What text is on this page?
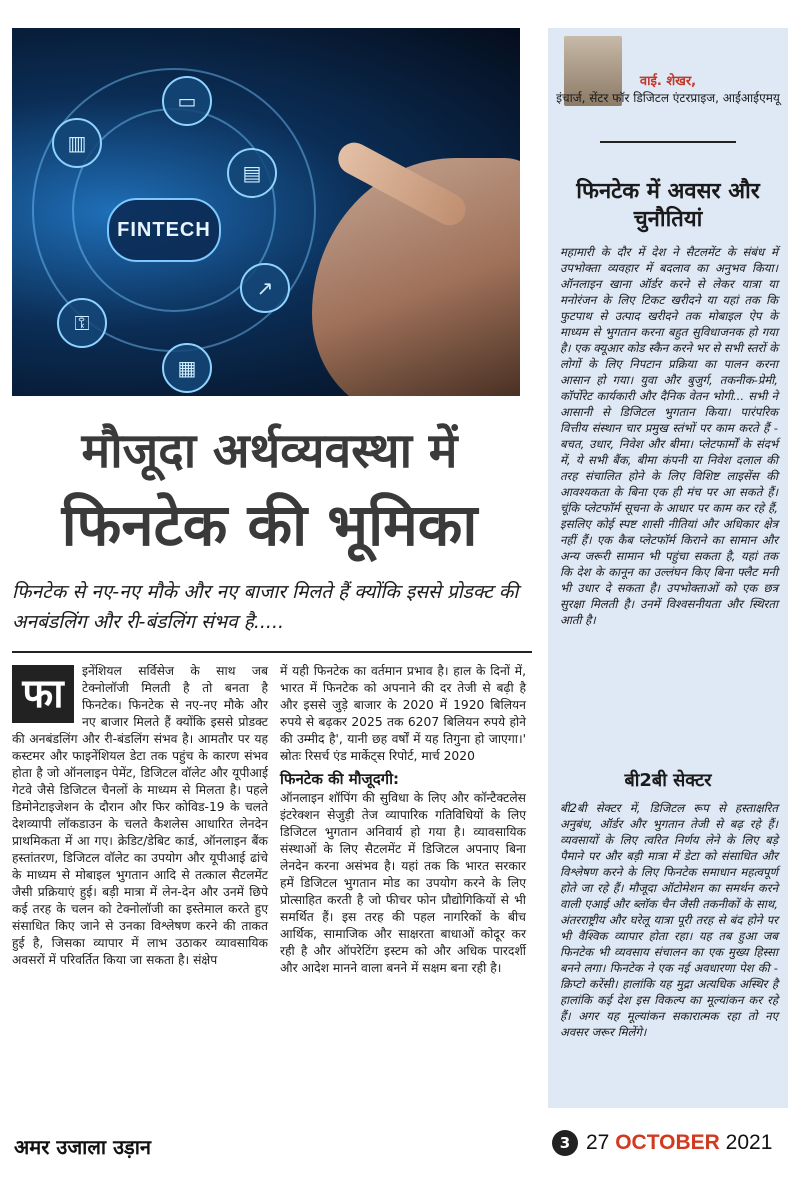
▥
▭
▤
↗
⚿
▦
FINTECH
मौजूदा अर्थव्यवस्था में
फिनटेक की भूमिका
फिनटेक से नए-नए मौके और नए बाजार मिलते हैं क्योंकि इससे प्रोडक्ट की अनबंडलिंग और री-बंडलिंग संभव है.....
फा	इनेंशियल सर्विसेज के साथ जब टेक्नोलॉजी मिलती है तो बनता है फिनटेक। फिनटेक से नए-नए मौके और नए बाजार मिलते हैं क्योंकि इससे प्रोडक्ट की अनबंडलिंग और री-बंडलिंग संभव है। आमतौर पर यह कस्टमर और फाइनेंशियल डेटा तक पहुंच के कारण संभव होता है जो ऑनलाइन पेमेंट, डिजिटल वॉलेट और यूपीआई गेटवे जैसे डिजिटल चैनलों के माध्यम से मिलता है। पहले डिमोनेटाइजेशन के दौरान और फिर कोविड-19 के चलते देशव्यापी लॉकडाउन के चलते कैशलेस आधारित लेनदेन प्राथमिकता में आ गए। क्रेडिट/डेबिट कार्ड, ऑनलाइन बैंक हस्तांतरण, डिजिटल वॉलेट का उपयोग और यूपीआई ढांचे के माध्यम से मोबाइल भुगतान आदि से तत्काल सैटलमेंट जैसी प्रक्रियाएं हुई। बड़ी मात्रा में लेन-देन और उनमें छिपे कई तरह के चलन को टेक्नोलॉजी का इस्तेमाल करते हुए संसाधित किए जाने से उनका विश्लेषण करने की ताकत हुई है, जिसका व्यापार में लाभ उठाकर व्यावसायिक अवसरों में परिवर्तित किया जा सकता है। संक्षेप
में यही फिनटेक का वर्तमान प्रभाव है। हाल के दिनों में, भारत में फिनटेक को अपनाने की दर तेजी से बढ़ी है और इससे जुड़े बाजार के 2020 में 1920 बिलियन रुपये से बढ़कर 2025 तक 6207 बिलियन रुपये होने की उम्मीद है', यानी छह वर्षों में यह तिगुना हो जाएगा।' स्रोतः रिसर्च एंड मार्केट्स रिपोर्ट, मार्च 2020
फिनटेक की मौजूदगी:
ऑनलाइन शॉपिंग की सुविधा के लिए और कॉन्टैक्टलेस इंटरेक्शन सेजुड़ी तेज व्यापारिक गतिविधियों के लिए डिजिटल भुगतान अनिवार्य हो गया है। व्यावसायिक संस्थाओं के लिए सैटलमेंट में डिजिटल अपनाए बिना लेनदेन करना असंभव है। यहां तक कि भारत सरकार हमें डिजिटल भुगतान मोड का उपयोग करने के लिए प्रोत्साहित करती है जो फीचर फोन प्रौद्योगिकियों से भी समर्थित हैं। इस तरह की पहल नागरिकों के बीच आर्थिक, सामाजिक और साक्षरता बाधाओं कोदूर कर रही है और ऑपरेटिंग इस्टम को और अधिक पारदर्शी और आदेश मानने वाला बनने में सक्षम बना रही है।
वाई. शेखर,
इंचार्ज, सेंटर फॉर डिजिटल एंटरप्राइज, आईआईएमयू
फिनटेक में अवसर और चुनौतियां
महामारी के दौर में देश ने सैटलमेंट के संबंध में उपभोक्ता व्यवहार में बदलाव का अनुभव किया। ऑनलाइन खाना ऑर्डर करने से लेकर यात्रा या मनोरंजन के लिए टिकट खरीदने या यहां तक कि फुटपाथ से उत्पाद खरीदने तक मोबाइल ऐप के माध्यम से भुगतान करना बहुत सुविधाजनक हो गया है। एक क्यूआर कोड स्कैन करने भर से सभी स्तरों के लोगों के लिए निपटान प्रक्रिया का पालन करना आसान हो गया। युवा और बुजुर्ग, तकनीक-प्रेमी, कॉर्पोरेट कार्यकारी और दैनिक वेतन भोगी... सभी ने आसानी से डिजिटल भुगतान किया। पारंपरिक वित्तीय संस्थान चार प्रमुख स्तंभों पर काम करते हैं - बचत, उधार, निवेश और बीमा। प्लेटफार्मों के संदर्भ में, ये सभी बैंक, बीमा कंपनी या निवेश दलाल की तरह संचालित होने के लिए विशिष्ट लाइसेंस की आवश्यकता के बिना एक ही मंच पर आ सकते हैं। चूंकि प्लेटफॉर्म सूचना के आधार पर काम कर रहे हैं, इसलिए कोई स्पष्ट शासी नीतियां और अधिकार क्षेत्र नहीं हैं। एक कैब प्लेटफॉर्म किराने का सामान और अन्य जरूरी सामान भी पहुंचा सकता है, यहां तक कि देश के कानून का उल्लंघन किए बिना फ्लैट मनी भी उधार दे सकता है। उपभोक्ताओं को एक छत्र सुरक्षा मिलती है। उनमें विश्वसनीयता और स्थिरता आती है।
बी2बी सेक्टर
बी2बी सेक्टर में, डिजिटल रूप से हस्ताक्षरित अनुबंध, ऑर्डर और भुगतान तेजी से बढ़ रहे हैं। व्यवसायों के लिए त्वरित निर्णय लेने के लिए बड़े पैमाने पर और बड़ी मात्रा में डेटा को संसाधित और विश्लेषण करने के लिए फिनटेक समाधान महत्वपूर्ण होते जा रहे हैं। मौजूदा ऑटोमेशन का समर्थन करने वाली एआई और ब्लॉक चैन जैसी तकनीकों के साथ, अंतरराष्ट्रीय और घरेलू यात्रा पूरी तरह से बंद होने पर भी वैश्विक व्यापार होता रहा। यह तब हुआ जब फिनटेक भी व्यवसाय संचालन का एक मुख्य हिस्सा बनने लगा। फिनटेक ने एक नई अवधारणा पेश की - क्रिप्टो करेंसी। हालांकि यह मुद्रा अत्यधिक अस्थिर है हालांकि कई देश इस विकल्प का मूल्यांकन कर रहे हैं। अगर यह मूल्यांकन सकारात्मक रहा तो नए अवसर जरूर मिलेंगे।
अमर उजाला उड़ान	3 27 OCTOBER 2021
